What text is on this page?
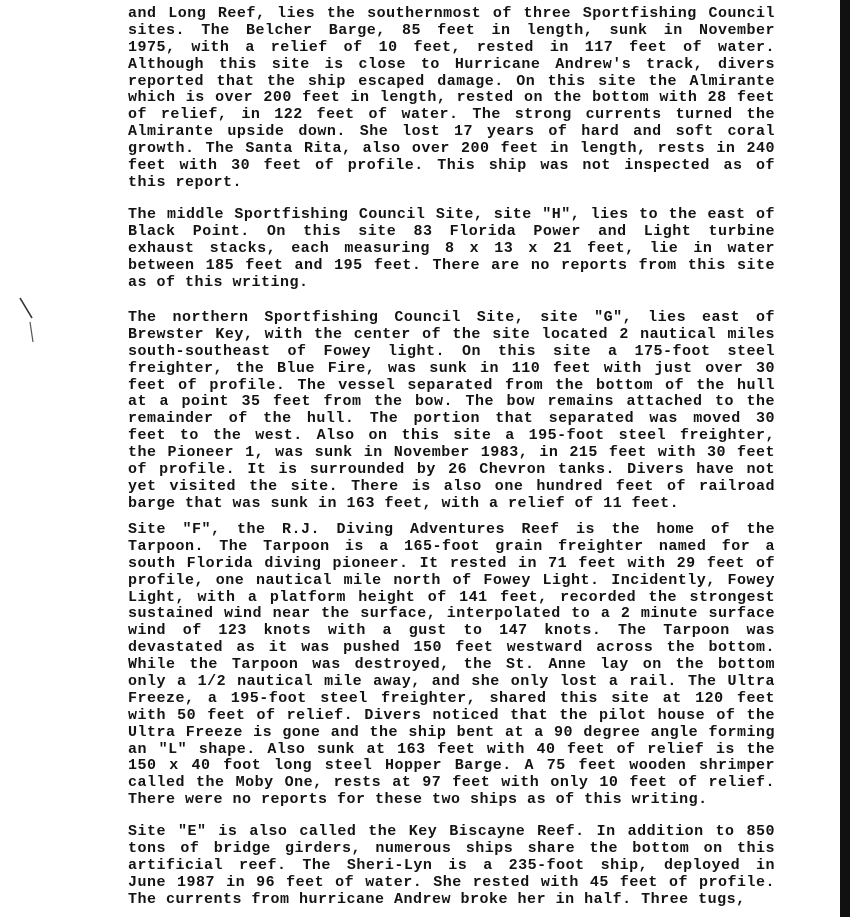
and Long Reef, lies the southernmost of three Sportfishing Council
sites. The Belcher Barge, 85 feet in length, sunk in November
1975, with a relief of 10 feet, rested in 117 feet of water.
Although this site is close to Hurricane Andrew's track, divers
reported that the ship escaped damage. On this site the Almirante
which is over 200 feet in length, rested on the bottom with 28 feet
of relief, in 122 feet of water. The strong currents turned the
Almirante upside down. She lost 17 years of hard and soft coral
growth. The Santa Rita, also over 200 feet in length, rests in 240
feet with 30 feet of profile. This ship was not inspected as of
this report.

The middle Sportfishing Council Site, site "H", lies to the east of
Black Point. On this site 83 Florida Power and Light turbine
exhaust stacks, each measuring 8 x 13 x 21 feet, lie in water
between 185 feet and 195 feet. There are no reports from this site
as of this writing.

The northern Sportfishing Council Site, site "G", lies east of
Brewster Key, with the center of the site located 2 nautical miles
south-southeast of Fowey light. On this site a 175-foot steel
freighter, the Blue Fire, was sunk in 110 feet with just over 30
feet of profile. The vessel separated from the bottom of the hull
at a point 35 feet from the bow. The bow remains attached to the
remainder of the hull. The portion that separated was moved 30
feet to the west. Also on this site a 195-foot steel freighter,
the Pioneer 1, was sunk in November 1983, in 215 feet with 30 feet
of profile. It is surrounded by 26 Chevron tanks. Divers have not
yet visited the site. There is also one hundred feet of railroad
barge that was sunk in 163 feet, with a relief of 11 feet.

Site "F", the R.J. Diving Adventures Reef is the home of the
Tarpoon. The Tarpoon is a 165-foot grain freighter named for a
south Florida diving pioneer. It rested in 71 feet with 29 feet of
profile, one nautical mile north of Fowey Light. Incidently, Fowey
Light, with a platform height of 141 feet, recorded the strongest
sustained wind near the surface, interpolated to a 2 minute surface
wind of 123 knots with a gust to 147 knots. The Tarpoon was
devastated as it was pushed 150 feet westward across the bottom.
While the Tarpoon was destroyed, the St. Anne lay on the bottom
only a 1/2 nautical mile away, and she only lost a rail. The Ultra
Freeze, a 195-foot steel freighter, shared this site at 120 feet
with 50 feet of relief. Divers noticed that the pilot house of the
Ultra Freeze is gone and the ship bent at a 90 degree angle forming
an "L" shape. Also sunk at 163 feet with 40 feet of relief is the
150 x 40 foot long steel Hopper Barge. A 75 feet wooden shrimper
called the Moby One, rests at 97 feet with only 10 feet of relief.
There were no reports for these two ships as of this writing.

Site "E" is also called the Key Biscayne Reef. In addition to 850
tons of bridge girders, numerous ships share the bottom on this
artificial reef. The Sheri-Lyn is a 235-foot ship, deployed in
June 1987 in 96 feet of water. She rested with 45 feet of profile.
The currents from hurricane Andrew broke her in half. Three tugs,
